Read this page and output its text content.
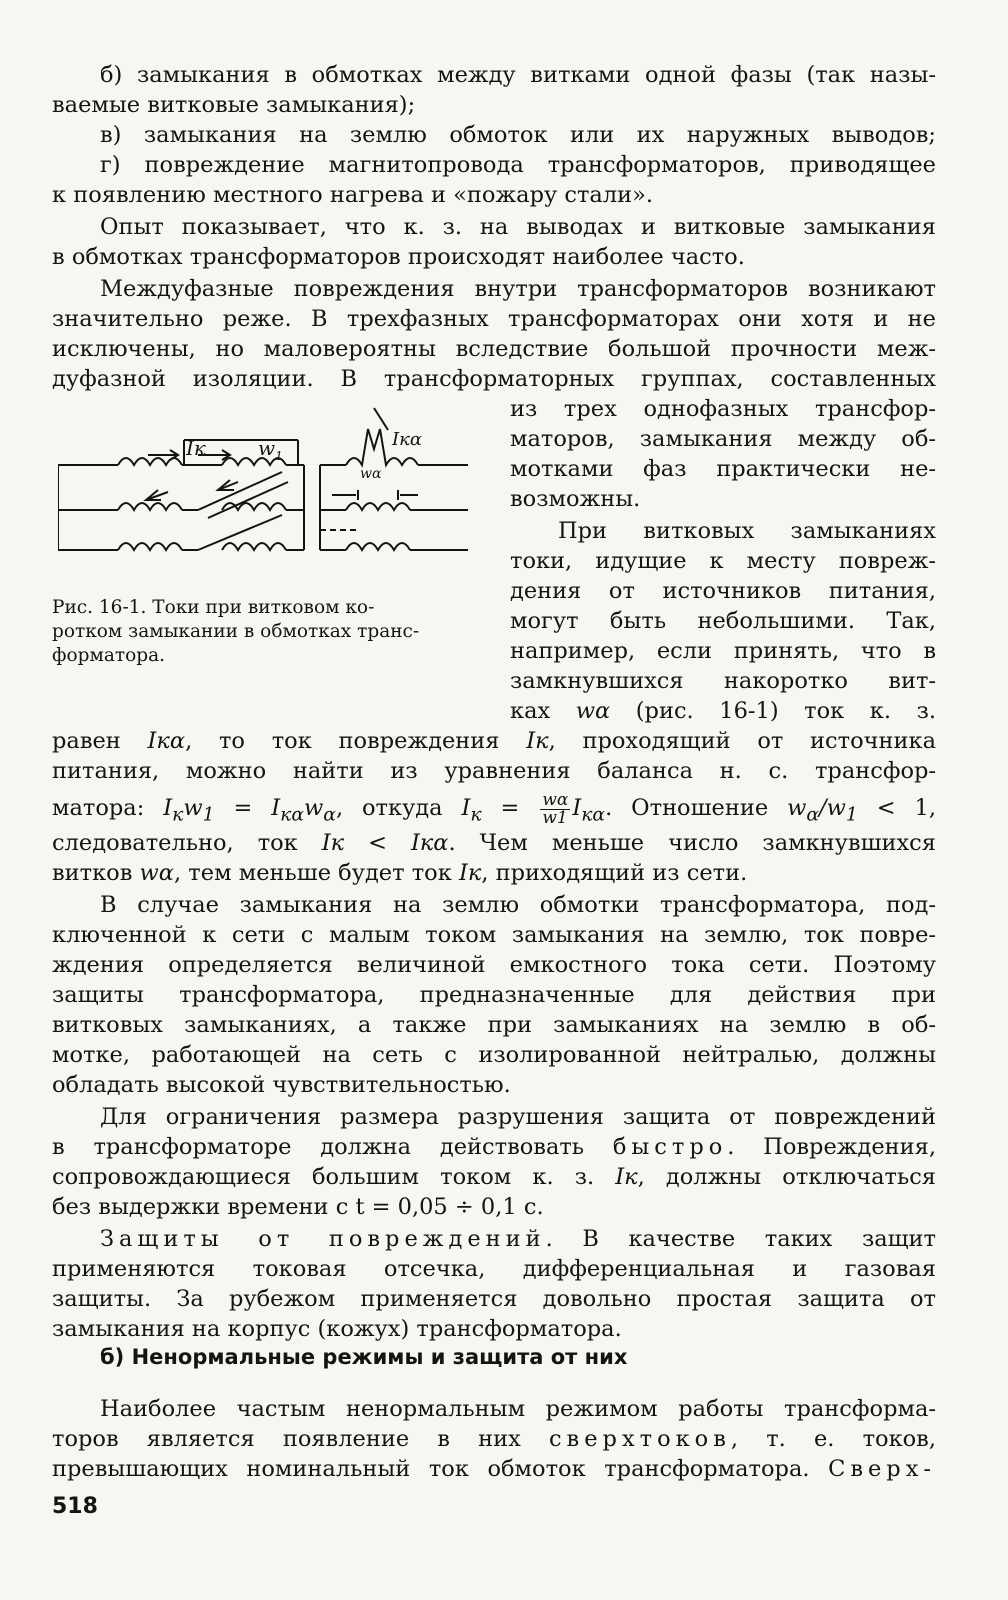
б) замыкания в обмотках между витками одной фазы (так назы-
ваемые витковые замыкания);
в) замыкания на землю обмоток или их наружных выводов;
г) повреждение магнитопровода трансформаторов, приводящее
к появлению местного нагрева и «пожару стали».
Опыт показывает, что к. з. на выводах и витковые замыкания
в обмотках трансформаторов происходят наиболее часто.
Междуфазные повреждения внутри трансформаторов возникают
значительно реже. В трехфазных трансформаторах они хотя и не
исключены, но маловероятны вследствие большой прочности меж-
дуфазной изоляции. В трансформаторных группах, составленных
Iк	$w_1$
Iкα
wα
Рис. 16-1. Токи при витковом ко-
ротком замыкании в обмотках транс-
форматора.
из трех однофазных трансфор-
маторов, замыкания между об-
мотками фаз практически не-
возможны.
При витковых замыканиях
токи, идущие к месту повреж-
дения от источников питания,
могут быть небольшими. Так,
например, если принять, что в
замкнувшихся накоротко вит-
ках wα (рис. 16-1) ток к. з.
равен Iкα, то ток повреждения Iк, проходящий от источника
питания, можно найти из уравнения баланса н. с. трансфор-
матора: $I_кw_1 = I_{к\alpha}w_\alpha$, откуда $I_к = \frac{w\alpha}{w1} I_{к\alpha}$. Отношение $w_\alpha/w_1 < 1$,
следовательно, ток Iк < Iкα. Чем меньше число замкнувшихся
витков wα, тем меньше будет ток Iк, приходящий из сети.
В случае замыкания на землю обмотки трансформатора, под-
ключенной к сети с малым током замыкания на землю, ток повре-
ждения определяется величиной емкостного тока сети. Поэтому
защиты трансформатора, предназначенные для действия при
витковых замыканиях, а также при замыканиях на землю в об-
мотке, работающей на сеть с изолированной нейтралью, должны
обладать высокой чувствительностью.
Для ограничения размера разрушения защита от повреждений
в трансформаторе должна действовать быстро. Повреждения,
сопровождающиеся большим током к. з. Iк, должны отключаться
без выдержки времени с t = 0,05 ÷ 0,1 с.
Защиты от повреждений. В качестве таких защит
применяются токовая отсечка, дифференциальная и газовая
защиты. За рубежом применяется довольно простая защита от
замыкания на корпус (кожух) трансформатора.
б) Ненормальные режимы и защита от них
Наиболее частым ненормальным режимом работы трансформа-
торов является появление в них сверхтоков, т. е. токов,
превышающих номинальный ток обмоток трансформатора. Сверх-
518
